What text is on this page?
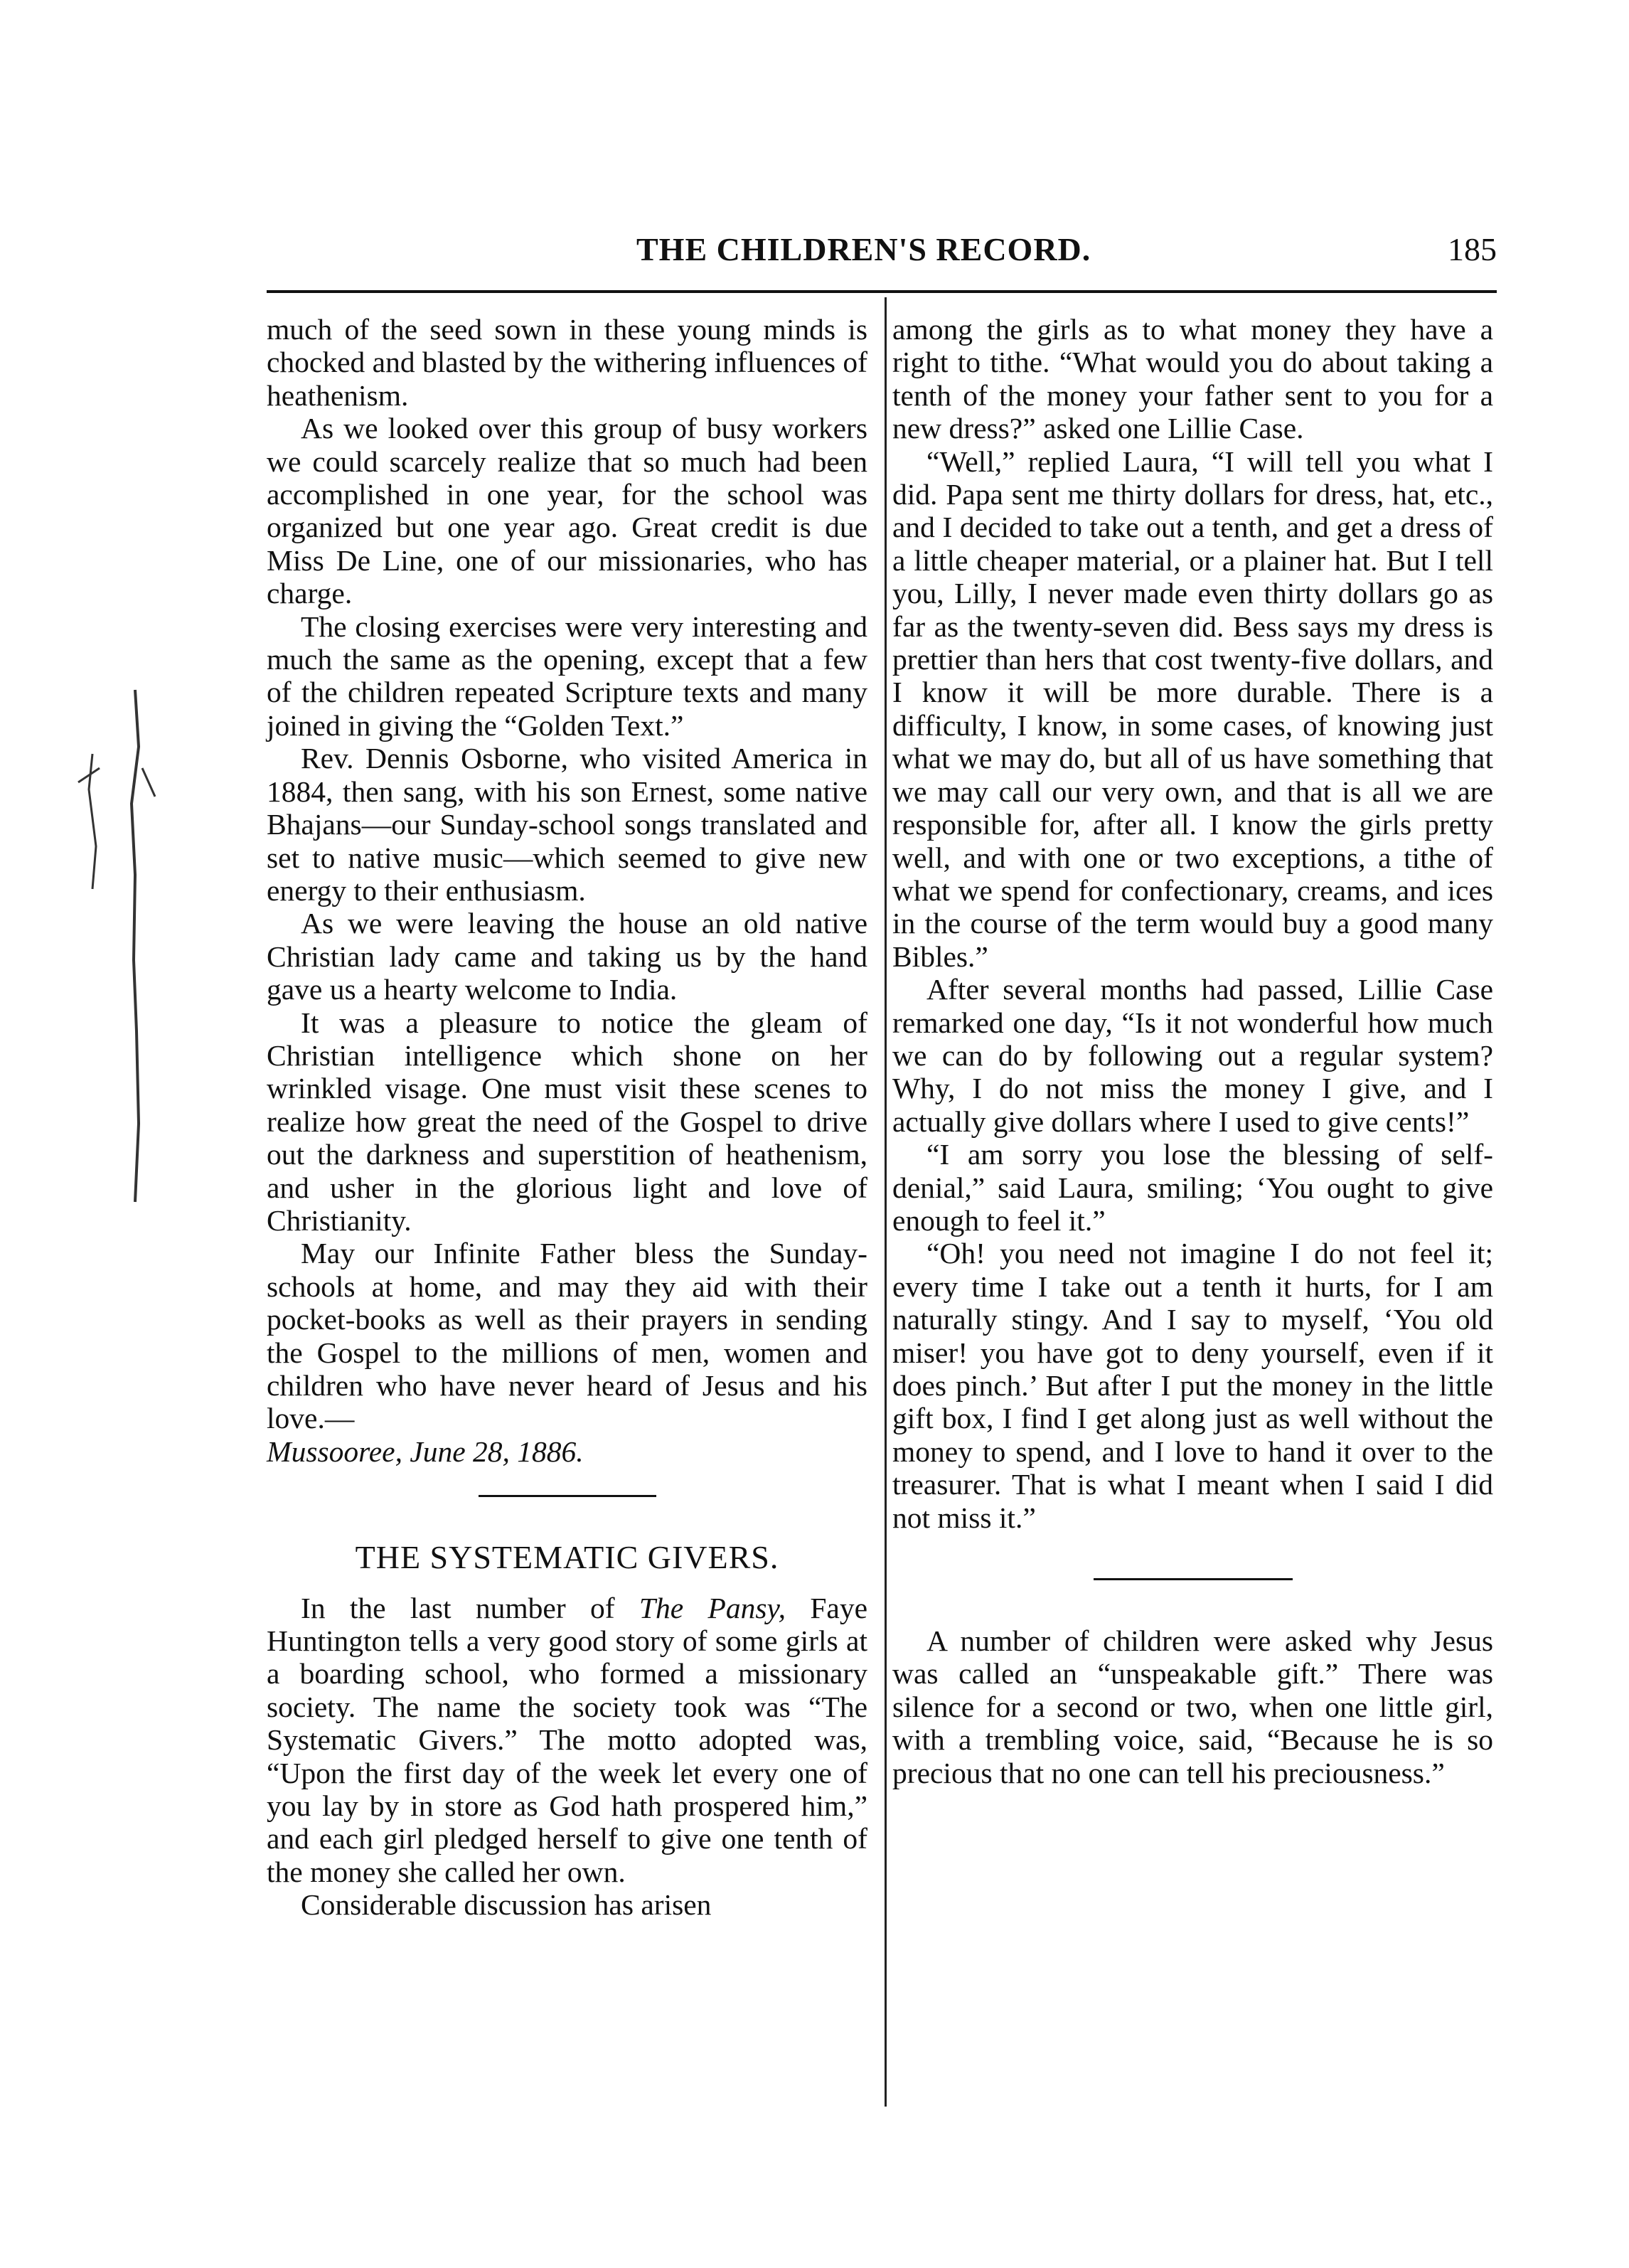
THE CHILDREN'S RECORD.	185

much of the seed sown in these young minds is chocked and blasted by the withering influences of heathenism.

As we looked over this group of busy workers we could scarcely realize that so much had been accomplished in one year, for the school was organized but one year ago. Great credit is due Miss De Line, one of our missionaries, who has charge.

The closing exercises were very interesting and much the same as the opening, except that a few of the children repeated Scripture texts and many joined in giving the “Golden Text.”

Rev. Dennis Osborne, who visited America in 1884, then sang, with his son Ernest, some native Bhajans—our Sunday-school songs translated and set to native music—which seemed to give new energy to their enthusiasm.

As we were leaving the house an old native Christian lady came and taking us by the hand gave us a hearty welcome to India.

It was a pleasure to notice the gleam of Christian intelligence which shone on her wrinkled visage. One must visit these scenes to realize how great the need of the Gospel to drive out the darkness and superstition of heathenism, and usher in the glorious light and love of Christianity.

May our Infinite Father bless the Sunday-schools at home, and may they aid with their pocket-books as well as their prayers in sending the Gospel to the millions of men, women and children who have never heard of Jesus and his love.—

Mussooree, June 28, 1886.

THE SYSTEMATIC GIVERS.

In the last number of The Pansy, Faye Huntington tells a very good story of some girls at a boarding school, who formed a missionary society. The name the society took was “The Systematic Givers.” The motto adopted was, “Upon the first day of the week let every one of you lay by in store as God hath prospered him,” and each girl pledged herself to give one tenth of the money she called her own.

Considerable discussion has arisen

among the girls as to what money they have a right to tithe. “What would you do about taking a tenth of the money your father sent to you for a new dress?” asked one Lillie Case.

“Well,” replied Laura, “I will tell you what I did. Papa sent me thirty dollars for dress, hat, etc., and I decided to take out a tenth, and get a dress of a little cheaper material, or a plainer hat. But I tell you, Lilly, I never made even thirty dollars go as far as the twenty-seven did. Bess says my dress is prettier than hers that cost twenty-five dollars, and I know it will be more durable. There is a difficulty, I know, in some cases, of knowing just what we may do, but all of us have something that we may call our very own, and that is all we are responsible for, after all. I know the girls pretty well, and with one or two exceptions, a tithe of what we spend for confectionary, creams, and ices in the course of the term would buy a good many Bibles.”

After several months had passed, Lillie Case remarked one day, “Is it not wonderful how much we can do by following out a regular system? Why, I do not miss the money I give, and I actually give dollars where I used to give cents!”

“I am sorry you lose the blessing of self-denial,” said Laura, smiling; ‘You ought to give enough to feel it.”

“Oh! you need not imagine I do not feel it; every time I take out a tenth it hurts, for I am naturally stingy. And I say to myself, ‘You old miser! you have got to deny yourself, even if it does pinch.’ But after I put the money in the little gift box, I find I get along just as well without the money to spend, and I love to hand it over to the treasurer. That is what I meant when I said I did not miss it.”

A number of children were asked why Jesus was called an “unspeakable gift.” There was silence for a second or two, when one little girl, with a trembling voice, said, “Because he is so precious that no one can tell his preciousness.”
